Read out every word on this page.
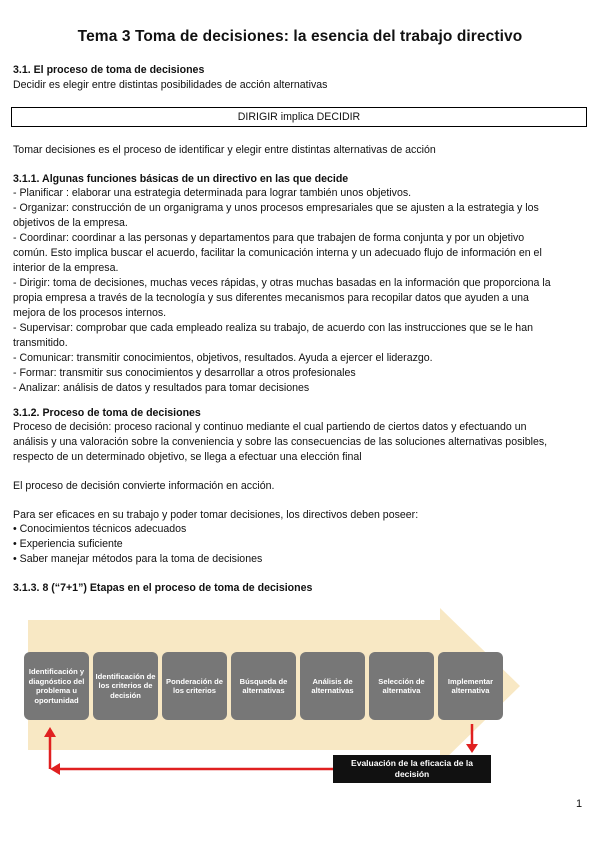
Tema 3 Toma de decisiones: la esencia del trabajo directivo
3.1. El proceso de toma de decisiones
Decidir es elegir entre distintas posibilidades de acción alternativas
DIRIGIR implica DECIDIR
Tomar decisiones es el proceso de identificar y elegir entre distintas alternativas de acción
3.1.1. Algunas funciones básicas de un directivo en las que decide
- Planificar : elaborar una estrategia determinada para lograr también unos objetivos.
- Organizar: construcción de un organigrama y unos procesos empresariales que se ajusten a la estrategia y los
objetivos de la empresa.
- Coordinar: coordinar a las personas y departamentos para que trabajen de forma conjunta y por un objetivo
común. Esto implica buscar el acuerdo, facilitar la comunicación interna y un adecuado flujo de información en el
interior de la empresa.
- Dirigir: toma de decisiones, muchas veces rápidas, y otras muchas basadas en la información que proporciona la
propia empresa a través de la tecnología y sus diferentes mecanismos para recopilar datos que ayuden a una
mejora de los procesos internos.
- Supervisar: comprobar que cada empleado realiza su trabajo, de acuerdo con las instrucciones que se le han
transmitido.
- Comunicar: transmitir conocimientos, objetivos, resultados. Ayuda a ejercer el liderazgo.
- Formar: transmitir sus conocimientos y desarrollar a otros profesionales
- Analizar: análisis de datos y resultados para tomar decisiones
3.1.2. Proceso de toma de decisiones
Proceso de decisión: proceso racional y continuo mediante el cual partiendo de ciertos datos y efectuando un
análisis y una valoración sobre la conveniencia y sobre las consecuencias de las soluciones alternativas posibles,
respecto de un determinado objetivo, se llega a efectuar una elección final
El proceso de decisión convierte información en acción.
Para ser eficaces en su trabajo y poder tomar decisiones, los directivos deben poseer:
• Conocimientos técnicos adecuados
• Experiencia suficiente
• Saber manejar métodos para la toma de decisiones
3.1.3. 8 (“7+1”) Etapas en el proceso de toma de decisiones
Identificación y diagnóstico del problema u oportunidad
Identificación de los criterios de decisión
Ponderación de los criterios
Búsqueda de alternativas
Análisis de alternativas
Selección de alternativa
Implementar alternativa
Evaluación de la eficacia de la decisión
1
